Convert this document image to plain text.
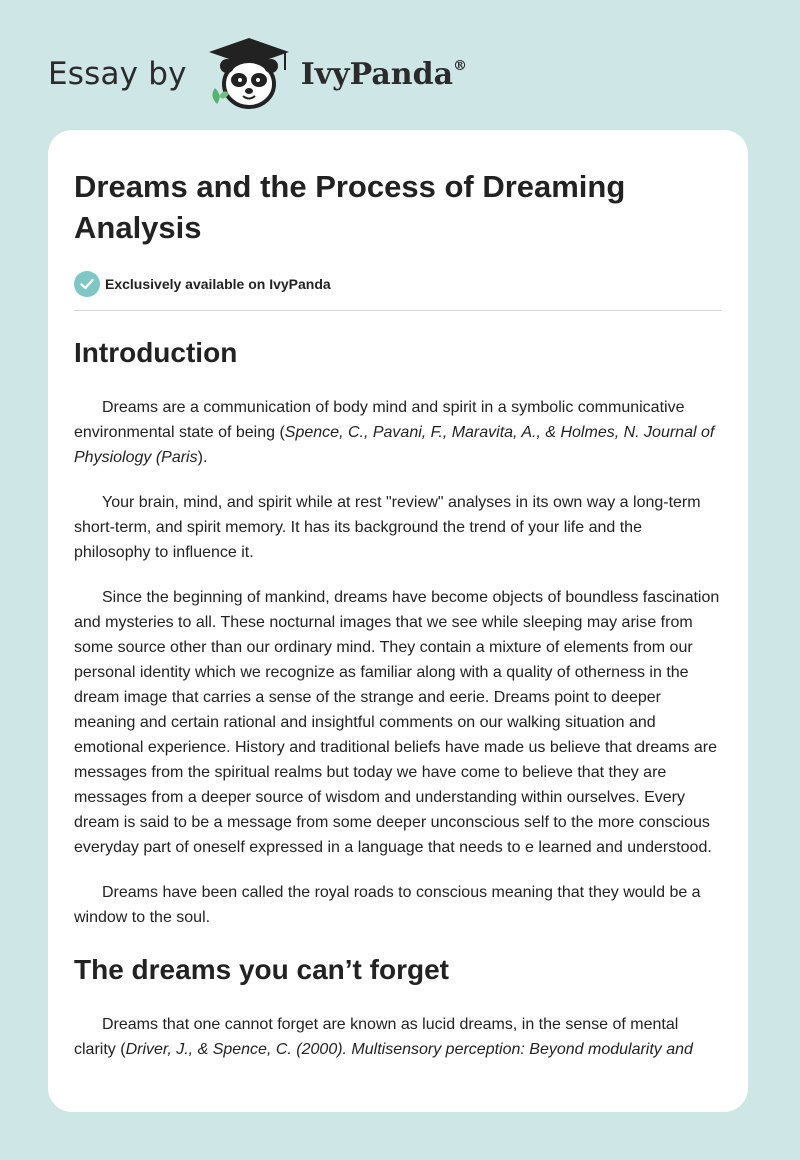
Essay by	IvyPanda®
Dreams and the Process of Dreaming Analysis
Exclusively available on IvyPanda
Introduction

Dreams are a communication of body mind and spirit in a symbolic communicative environmental state of being (Spence, C., Pavani, F., Maravita, A., & Holmes, N. Journal of Physiology (Paris).

Your brain, mind, and spirit while at rest "review" analyses in its own way a long-term short-term, and spirit memory. It has its background the trend of your life and the philosophy to influence it.

Since the beginning of mankind, dreams have become objects of boundless fascination and mysteries to all. These nocturnal images that we see while sleeping may arise from some source other than our ordinary mind. They contain a mixture of elements from our personal identity which we recognize as familiar along with a quality of otherness in the dream image that carries a sense of the strange and eerie. Dreams point to deeper meaning and certain rational and insightful comments on our walking situation and emotional experience. History and traditional beliefs have made us believe that dreams are messages from the spiritual realms but today we have come to believe that they are messages from a deeper source of wisdom and understanding within ourselves. Every dream is said to be a message from some deeper unconscious self to the more conscious everyday part of oneself expressed in a language that needs to e learned and understood.

Dreams have been called the royal roads to conscious meaning that they would be a window to the soul.

The dreams you can’t forget

Dreams that one cannot forget are known as lucid dreams, in the sense of mental clarity (Driver, J., & Spence, C. (2000). Multisensory perception: Beyond modularity and
